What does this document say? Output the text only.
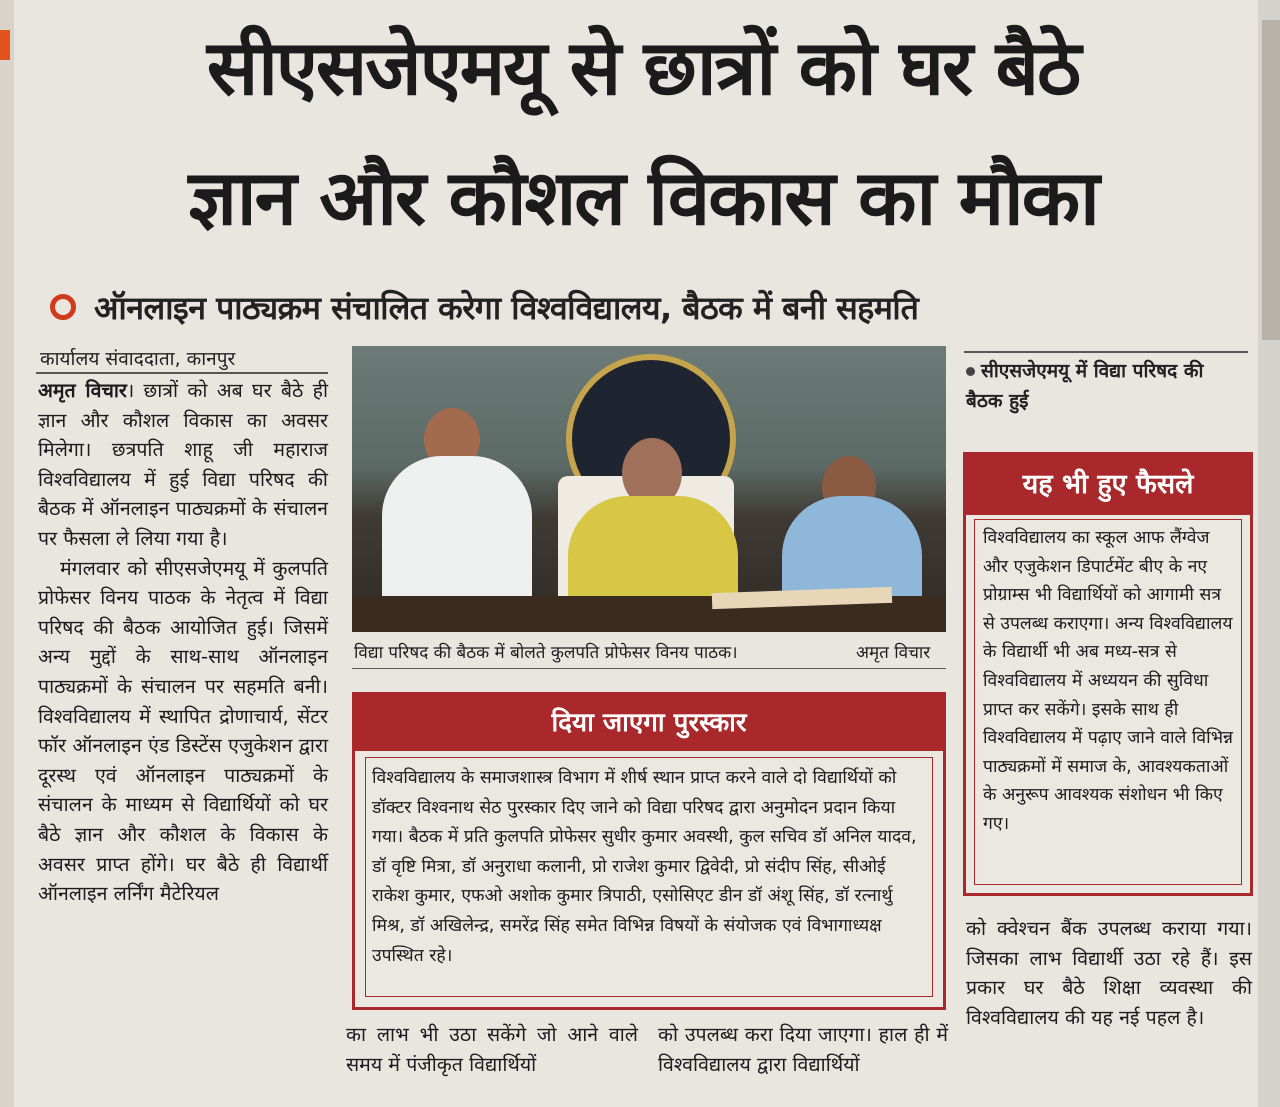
सीएसजेएमयू से छात्रों को घर बैठे
ज्ञान और कौशल विकास का मौका
ऑनलाइन पाठ्यक्रम संचालित करेगा विश्वविद्यालय, बैठक में बनी सहमति
कार्यालय संवाददाता, कानपुर

अमृत विचार। छात्रों को अब घर बैठे ही ज्ञान और कौशल विकास का अवसर मिलेगा। छत्रपति शाहू जी महाराज विश्वविद्यालय में हुई विद्या परिषद की बैठक में ऑनलाइन पाठ्यक्रमों के संचालन पर फैसला ले लिया गया है।

मंगलवार को सीएसजेएमयू में कुलपति प्रोफेसर विनय पाठक के नेतृत्व में विद्या परिषद की बैठक आयोजित हुई। जिसमें अन्य मुद्दों के साथ-साथ ऑनलाइन पाठ्यक्रमों के संचालन पर सहमति बनी। विश्वविद्यालय में स्थापित द्रोणाचार्य, सेंटर फॉर ऑनलाइन एंड डिस्टेंस एजुकेशन द्वारा दूरस्थ एवं ऑनलाइन पाठ्यक्रमों के संचालन के माध्यम से विद्यार्थियों को घर बैठे ज्ञान और कौशल के विकास के अवसर प्राप्त होंगे। घर बैठे ही विद्यार्थी ऑनलाइन लर्निंग मैटेरियल

विद्या परिषद की बैठक में बोलते कुलपति प्रोफेसर विनय पाठक।	अमृत विचार
दिया जाएगा पुरस्कार
विश्वविद्यालय के समाजशास्त्र विभाग में शीर्ष स्थान प्राप्त करने वाले दो विद्यार्थियों को डॉक्टर विश्वनाथ सेठ पुरस्कार दिए जाने को विद्या परिषद द्वारा अनुमोदन प्रदान किया गया। बैठक में प्रति कुलपति प्रोफेसर सुधीर कुमार अवस्थी, कुल सचिव डॉ अनिल यादव, डॉ वृष्टि मित्रा, डॉ अनुराधा कलानी, प्रो राजेश कुमार द्विवेदी, प्रो संदीप सिंह, सीओई राकेश कुमार, एफओ अशोक कुमार त्रिपाठी, एसोसिएट डीन डॉ अंशू सिंह, डॉ रत्नार्थु मिश्र, डॉ अखिलेन्द्र, समरेंद्र सिंह समेत विभिन्न विषयों के संयोजक एवं विभागाध्यक्ष उपस्थित रहे।
का लाभ भी उठा सकेंगे जो आने वाले समय में पंजीकृत विद्यार्थियों
को उपलब्ध करा दिया जाएगा। हाल ही में विश्वविद्यालय द्वारा विद्यार्थियों
सीएसजेएमयू में विद्या परिषद की बैठक हुई
यह भी हुए फैसले
विश्वविद्यालय का स्कूल आफ लैंग्वेज और एजुकेशन डिपार्टमेंट बीए के नए प्रोग्राम्स भी विद्यार्थियों को आगामी सत्र से उपलब्ध कराएगा। अन्य विश्वविद्यालय के विद्यार्थी भी अब मध्य-सत्र से विश्वविद्यालय में अध्ययन की सुविधा प्राप्त कर सकेंगे। इसके साथ ही विश्वविद्यालय में पढ़ाए जाने वाले विभिन्न पाठ्यक्रमों में समाज के, आवश्यकताओं के अनुरूप आवश्यक संशोधन भी किए गए।
को क्वेश्चन बैंक उपलब्ध कराया गया। जिसका लाभ विद्यार्थी उठा रहे हैं। इस प्रकार घर बैठे शिक्षा व्यवस्था की विश्वविद्यालय की यह नई पहल है।
